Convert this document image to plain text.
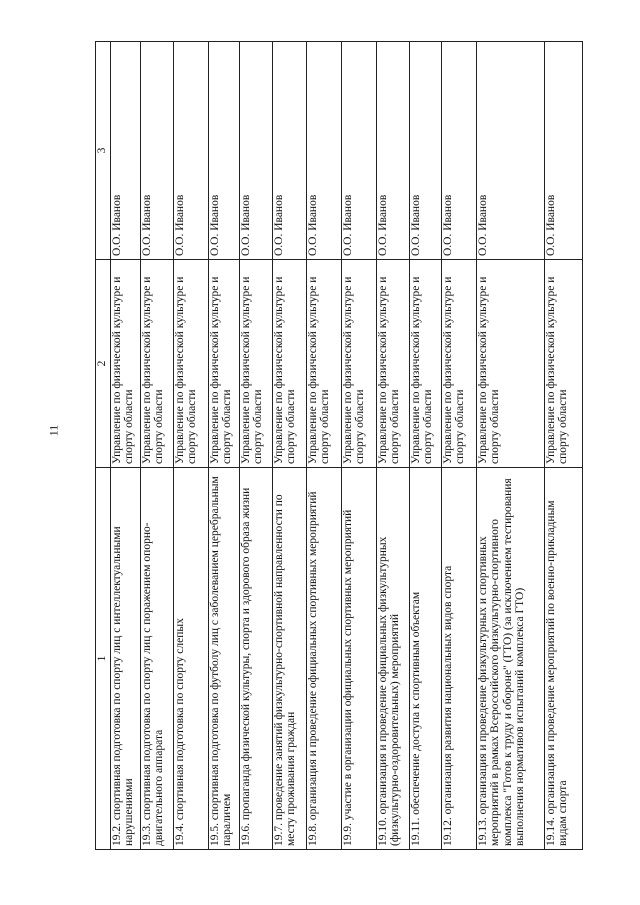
11
1	2	3
19.2. спортивная подготовка по спорту лиц с интеллектуальными нарушениями	Управление по физической культуре и спорту области	О.О. Иванов
19.3. спортивная подготовка по спорту лиц с поражением опорно-двигательного аппарата	Управление по физической культуре и спорту области	О.О. Иванов
19.4. спортивная подготовка по спорту слепых	Управление по физической культуре и спорту области	О.О. Иванов
19.5. спортивная подготовка по футболу лиц с заболеванием церебральным параличем	Управление по физической культуре и спорту области	О.О. Иванов
19.6. пропаганда физической культуры, спорта и здорового образа жизни	Управление по физической культуре и спорту области	О.О. Иванов
19.7. проведение занятий физкультурно-спортивной направленности по месту проживания граждан	Управление по физической культуре и спорту области	О.О. Иванов
19.8. организация и проведение официальных спортивных мероприятий	Управление по физической культуре и спорту области	О.О. Иванов
19.9. участие в организации официальных спортивных мероприятий	Управление по физической культуре и спорту области	О.О. Иванов
19.10. организация и проведение официальных физкультурных (физкультурно-оздоровительных) мероприятий	Управление по физической культуре и спорту области	О.О. Иванов
19.11. обеспечение доступа к спортивным объектам	Управление по физической культуре и спорту области	О.О. Иванов
19.12. организация развития национальных видов спорта	Управление по физической культуре и спорту области	О.О. Иванов
19.13. организация и проведение физкультурных и спортивных мероприятий в рамках Всероссийского физкультурно-спортивного комплекса "Готов к труду и обороне" (ГТО) (за исключением тестирования выполнения нормативов испытаний комплекса ГТО)	Управление по физической культуре и спорту области	О.О. Иванов
19.14. организация и проведение мероприятий по военно-прикладным видам спорта	Управление по физической культуре и спорту области	О.О. Иванов
